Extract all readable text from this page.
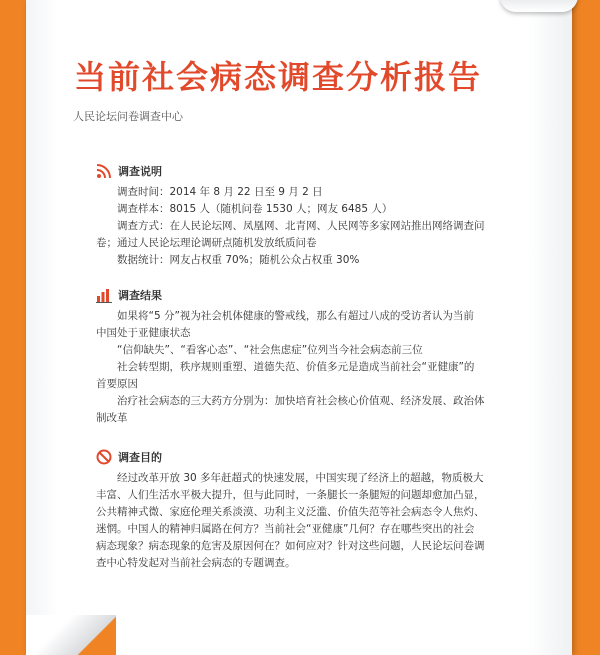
当前社会病态调查分析报告
人民论坛问卷调查中心
调查说明

调查时间：2014 年 8 月 22 日至 9 月 2 日

调查样本：8015 人（随机问卷 1530 人；网友 6485 人）

调查方式：在人民论坛网、凤凰网、北青网、人民网等多家网站推出网络调查问

卷；通过人民论坛理论调研点随机发放纸质问卷

数据统计：网友占权重 70%；随机公众占权重 30%

调查结果

如果将“5 分”视为社会机体健康的警戒线，那么有超过八成的受访者认为当前

中国处于亚健康状态

“信仰缺失”、“看客心态”、“社会焦虑症”位列当今社会病态前三位

社会转型期，秩序规则重塑、道德失范、价值多元是造成当前社会“亚健康”的

首要原因

治疗社会病态的三大药方分别为：加快培育社会核心价值观、经济发展、政治体

制改革

调查目的

经过改革开放 30 多年赶超式的快速发展，中国实现了经济上的超越，物质极大

丰富、人们生活水平极大提升，但与此同时，一条腿长一条腿短的问题却愈加凸显，

公共精神式微、家庭伦理关系淡漠、功利主义泛滥、价值失范等社会病态令人焦灼、

迷惘。中国人的精神归属路在何方？当前社会“亚健康”几何？存在哪些突出的社会

病态现象？病态现象的危害及原因何在？如何应对？针对这些问题，人民论坛问卷调

查中心特发起对当前社会病态的专题调查。
